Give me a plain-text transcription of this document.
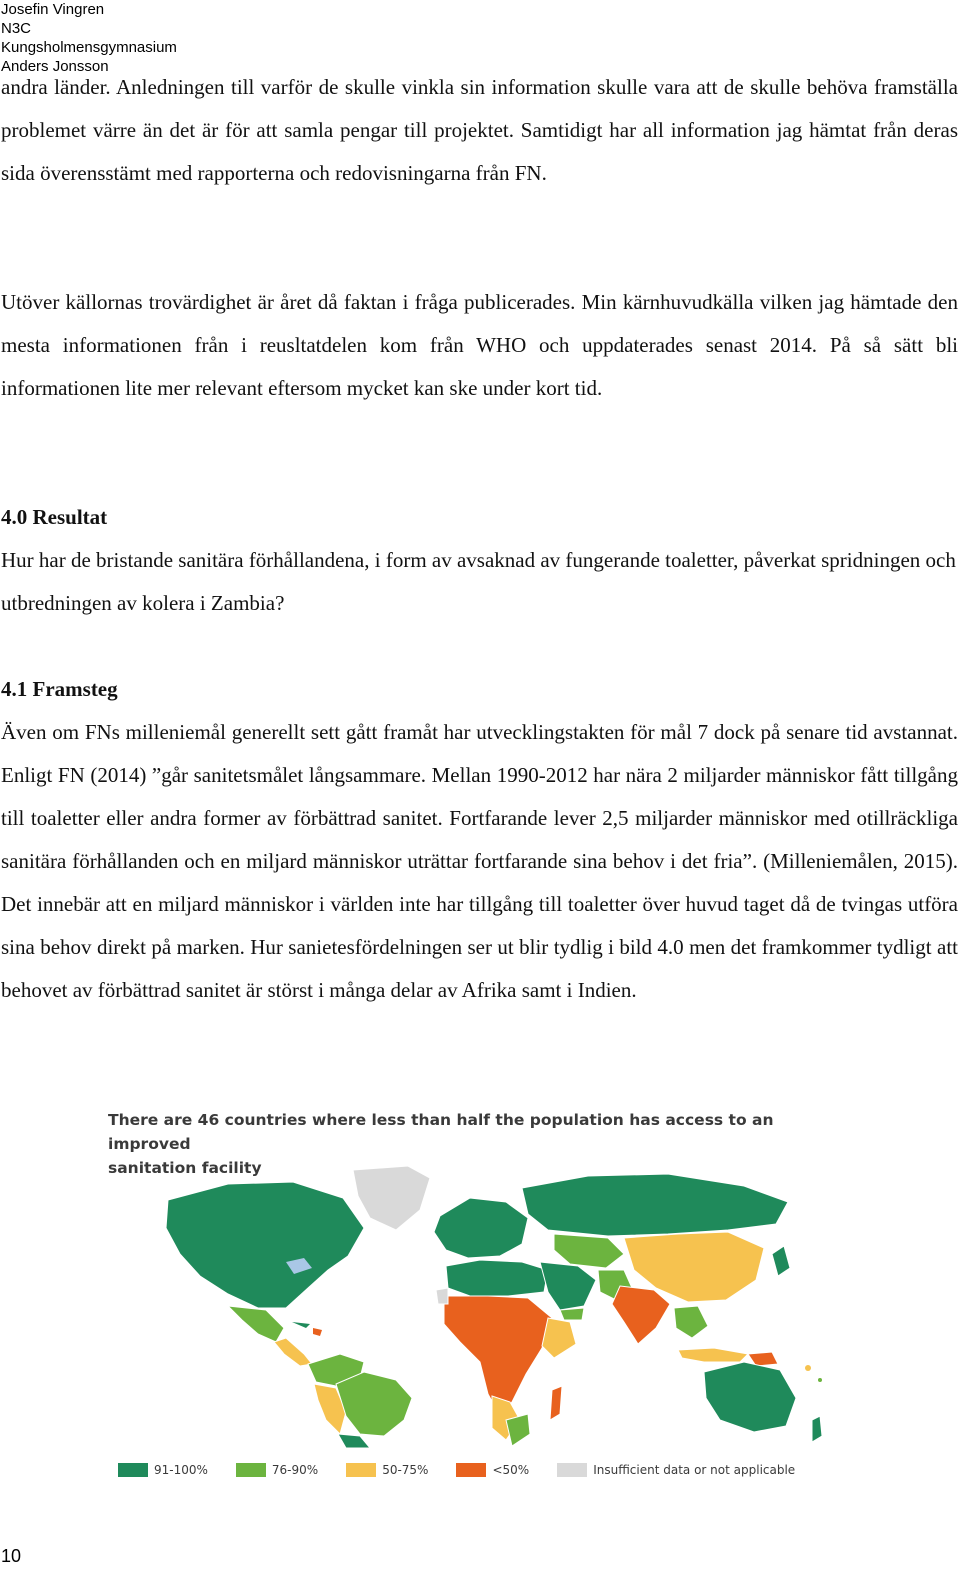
Josefin Vingren
N3C
Kungsholmensgymnasium
Anders Jonsson

andra länder. Anledningen till varför de skulle vinkla sin information skulle vara att de skulle behöva framställa problemet värre än det är för att samla pengar till projektet. Samtidigt har all information jag hämtat från deras sida överensstämt med rapporterna och redovisningarna från FN.

Utöver källornas trovärdighet är året då faktan i fråga publicerades. Min kärnhuvudkälla vilken jag hämtade den mesta informationen från i reusltatdelen kom från WHO och uppdaterades senast 2014. På så sätt bli informationen lite mer relevant eftersom mycket kan ske under kort tid.

4.0 Resultat

Hur har de bristande sanitära förhållandena, i form av avsaknad av fungerande toaletter, påverkat spridningen och utbredningen av kolera i Zambia?

4.1 Framsteg

Även om FNs milleniemål generellt sett gått framåt har utvecklingstakten för mål 7 dock på senare tid avstannat. Enligt FN (2014) ”går sanitetsmålet långsammare. Mellan 1990-2012 har nära 2 miljarder människor fått tillgång till toaletter eller andra former av förbättrad sanitet. Fortfarande lever 2,5 miljarder människor med otillräckliga sanitära förhållanden och en miljard människor uträttar fortfarande sina behov i det fria”. (Milleniemålen, 2015). Det innebär att en miljard människor i världen inte har tillgång till toaletter över huvud taget då de tvingas utföra sina behov direkt på marken. Hur sanietesfördelningen ser ut blir tydlig i bild 4.0 men det framkommer tydligt att behovet av förbättrad sanitet är störst i många delar av Afrika samt i Indien.

There are 46 countries where less than half the population has access to an improved
sanitation facility
91-100%	76-90%	50-75%	<50%	Insufficient data or not applicable
10
